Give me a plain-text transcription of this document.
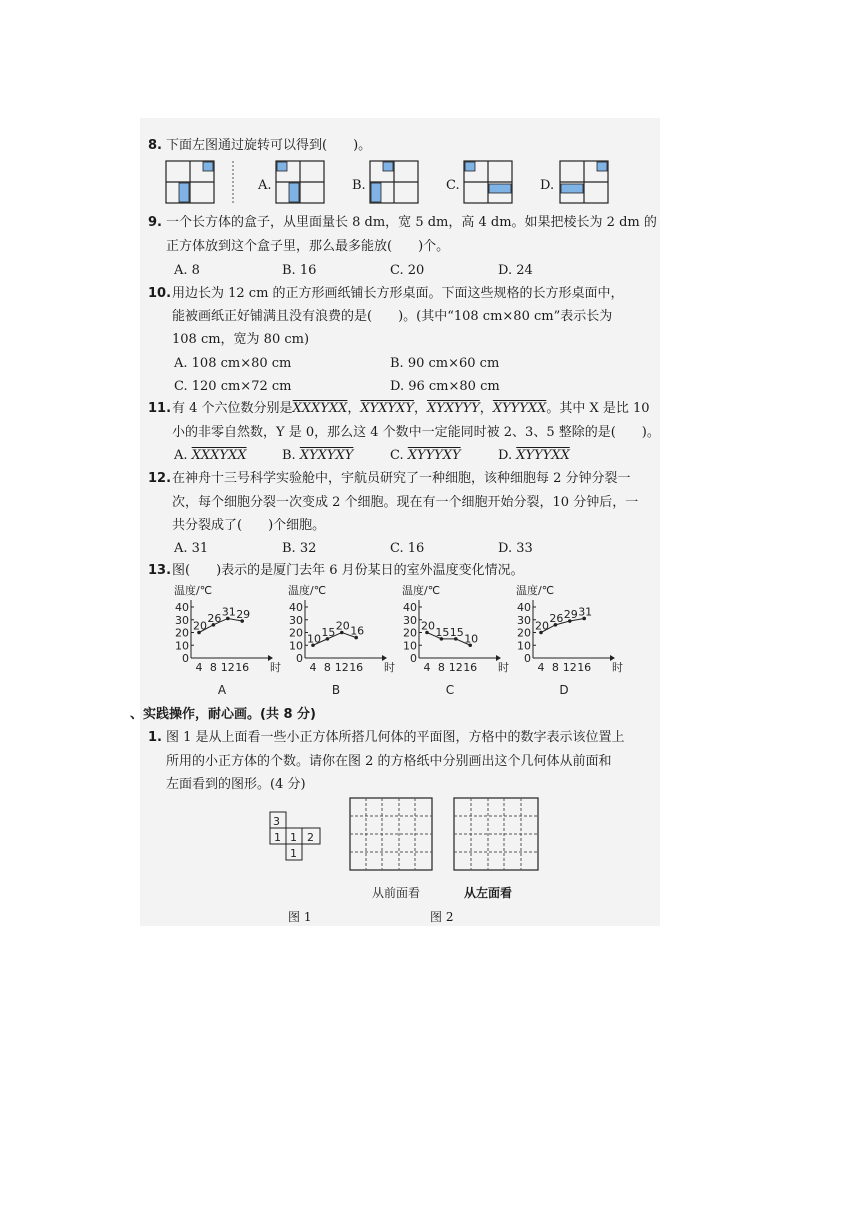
8. 下面左图通过旋转可以得到(　　)。
A.	B.	C.	D.
9. 一个长方体的盒子，从里面量长 8 dm，宽 5 dm，高 4 dm。如果把棱长为 2 dm 的
正方体放到这个盒子里，那么最多能放(　　)个。
A. 8	B. 16	C. 20	D. 24
10. 用边长为 12 cm 的正方形画纸铺长方形桌面。下面这些规格的长方形桌面中，
能被画纸正好铺满且没有浪费的是(　　)。(其中“108 cm×80 cm”表示长为
108 cm，宽为 80 cm)
A. 108 cm×80 cm	B. 90 cm×60 cm
C. 120 cm×72 cm	D. 96 cm×80 cm
11. 有 4 个六位数分别是XXXYXX，XYXYXY，XYXYYY，XYYYXX。其中 X 是比 10
小的非零自然数，Y 是 0，那么这 4 个数中一定能同时被 2、3、5 整除的是(　　)。
A. XXXYXX	B. XYXYXY	C. XYYYXY	D. XYYYXX
12. 在神舟十三号科学实验舱中，宇航员研究了一种细胞，该种细胞每 2 分钟分裂一
次，每个细胞分裂一次变成 2 个细胞。现在有一个细胞开始分裂，10 分钟后，一
共分裂成了(　　)个细胞。
A. 31	B. 32	C. 16	D. 33
13. 图(　　)表示的是厦门去年 6 月份某日的室外温度变化情况。
温度/℃
0
10
20
30
40
4 8 12 16 时
20
26 31 29
A
温度/℃
0
10
20
30
40
4 8 12 16 时
10 15 20 16
B
温度/℃
0
10
20
30
40
4 8 12 16 时
20 15 15 10
C
温度/℃
0
10
20
30
40
4 8 12 16 时
20
26 29 31
D
、实践操作，耐心画。(共 8 分)
1. 图 1 是从上面看一些小正方体所搭几何体的平面图，方格中的数字表示该位置上
所用的小正方体的个数。请你在图 2 的方格纸中分别画出这个几何体从前面和
左面看到的图形。(4 分)
3
1 1 2
1
从前面看	从左面看
图 1	图 2
